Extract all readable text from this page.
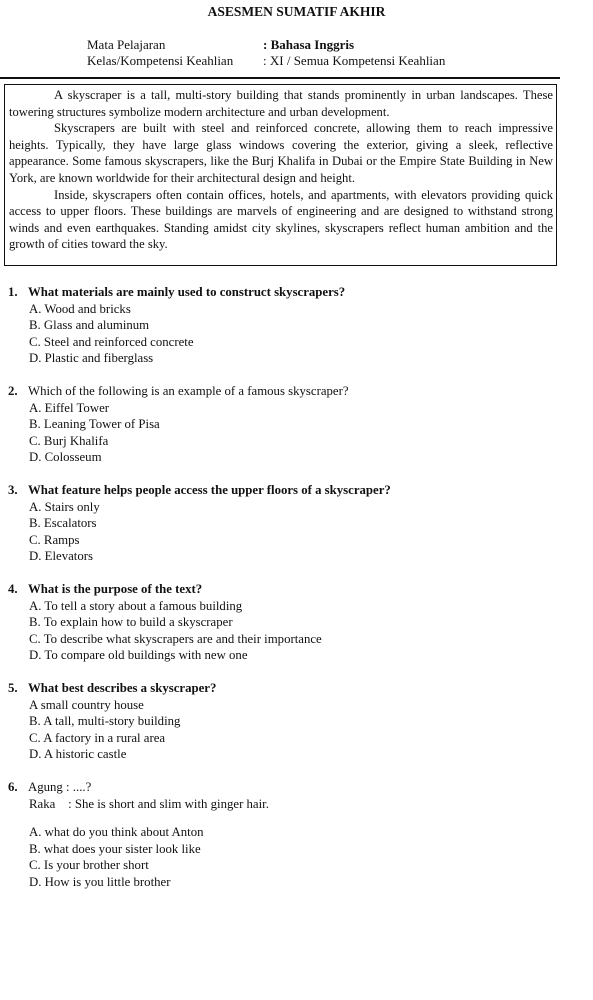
ASESMEN SUMATIF AKHIR
Mata Pelajaran	: Bahasa Inggris
Kelas/Kompetensi Keahlian : XI / Semua Kompetensi Keahlian

A skyscraper is a tall, multi-story building that stands prominently in urban landscapes. These towering structures symbolize modern architecture and urban development.

Skyscrapers are built with steel and reinforced concrete, allowing them to reach impressive heights. Typically, they have large glass windows covering the exterior, giving a sleek, reflective appearance. Some famous skyscrapers, like the Burj Khalifa in Dubai or the Empire State Building in New York, are known worldwide for their architectural design and height.

Inside, skyscrapers often contain offices, hotels, and apartments, with elevators providing quick access to upper floors. These buildings are marvels of engineering and are designed to withstand strong winds and even earthquakes. Standing amidst city skylines, skyscrapers reflect human ambition and the growth of cities toward the sky.

1. What materials are mainly used to construct skyscrapers?
A. Wood and bricks
B. Glass and aluminum
C. Steel and reinforced concrete
D. Plastic and fiberglass
2. Which of the following is an example of a famous skyscraper?
A. Eiffel Tower
B. Leaning Tower of Pisa
C. Burj Khalifa
D. Colosseum
3. What feature helps people access the upper floors of a skyscraper?
A. Stairs only
B. Escalators
C. Ramps
D. Elevators
4. What is the purpose of the text?
A. To tell a story about a famous building
B. To explain how to build a skyscraper
C. To describe what skyscrapers are and their importance
D. To compare old buildings with new one
5. What best describes a skyscraper?
A small country house
B. A tall, multi-story building
C. A factory in a rural area
D. A historic castle
6. Agung : ....?
Raka    : She is short and slim with ginger hair.
A. what do you think about Anton
B. what does your sister look like
C. Is your brother short
D. How is you little brother
